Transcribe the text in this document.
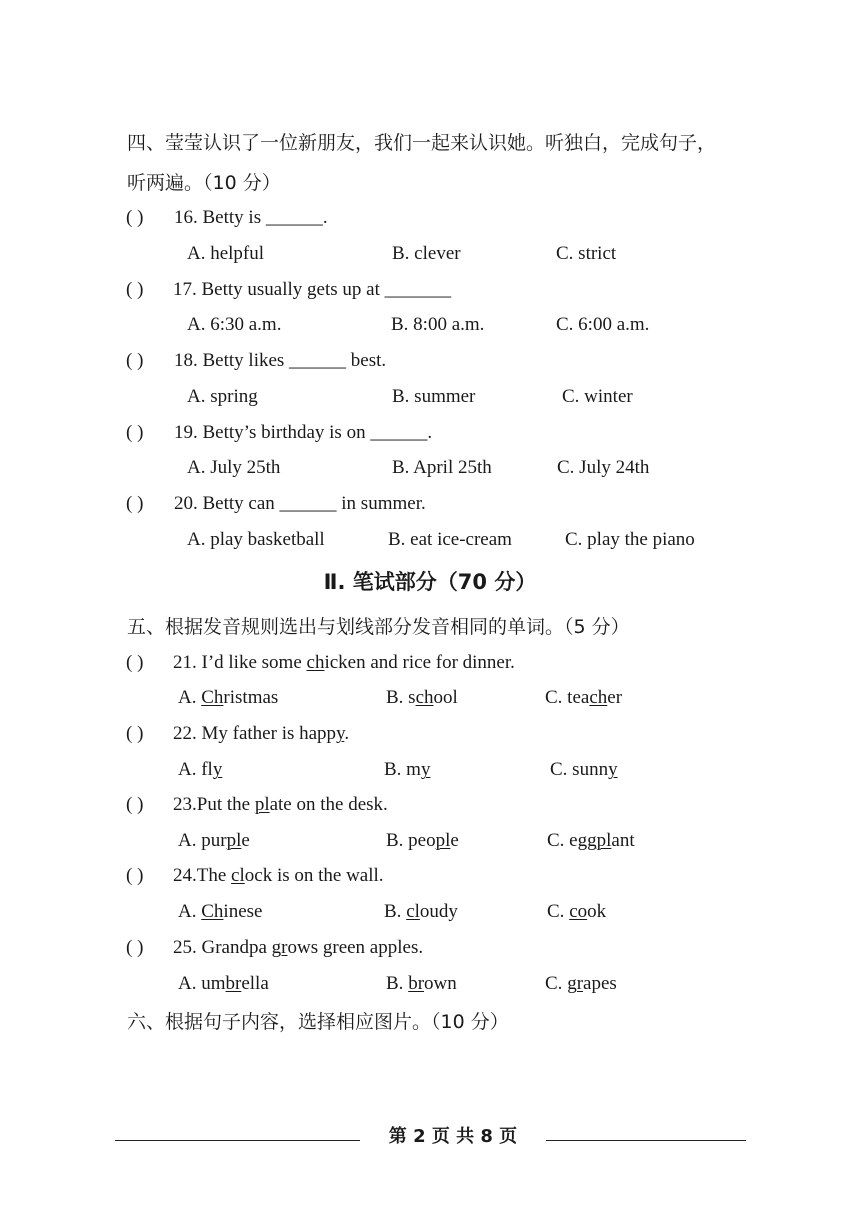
四、莹莹认识了一位新朋友，我们一起来认识她。听独白，完成句子，
听两遍。（10 分）
( ) 16. Betty is ______.
A. helpful	B. clever	C. strict
( ) 17. Betty usually gets up at _______
A. 6:30 a.m.	B. 8:00 a.m.	C. 6:00 a.m.
( ) 18. Betty likes ______ best.
A. spring	B. summer	C. winter
( ) 19. Betty’s birthday is on ______.
A. July 25th	B. April 25th	C. July 24th
( ) 20. Betty can ______ in summer.
A. play basketball	B. eat ice-cream	C. play the piano
Ⅱ. 笔试部分（70 分）
五、根据发音规则选出与划线部分发音相同的单词。（5 分）
( ) 21. I’d like some chicken and rice for dinner.
A. Christmas	B. school	C. teacher
( ) 22. My father is happy.
A. fly	B. my	C. sunny
( ) 23.Put the plate on the desk.
A. purple	B. people	C. eggplant
( ) 24.The clock is on the wall.
A. Chinese	B. cloudy	C. cook
( ) 25. Grandpa grows green apples.
A. umbrella	B. brown	C. grapes
六、根据句子内容，选择相应图片。（10 分）
第 2 页 共 8 页
